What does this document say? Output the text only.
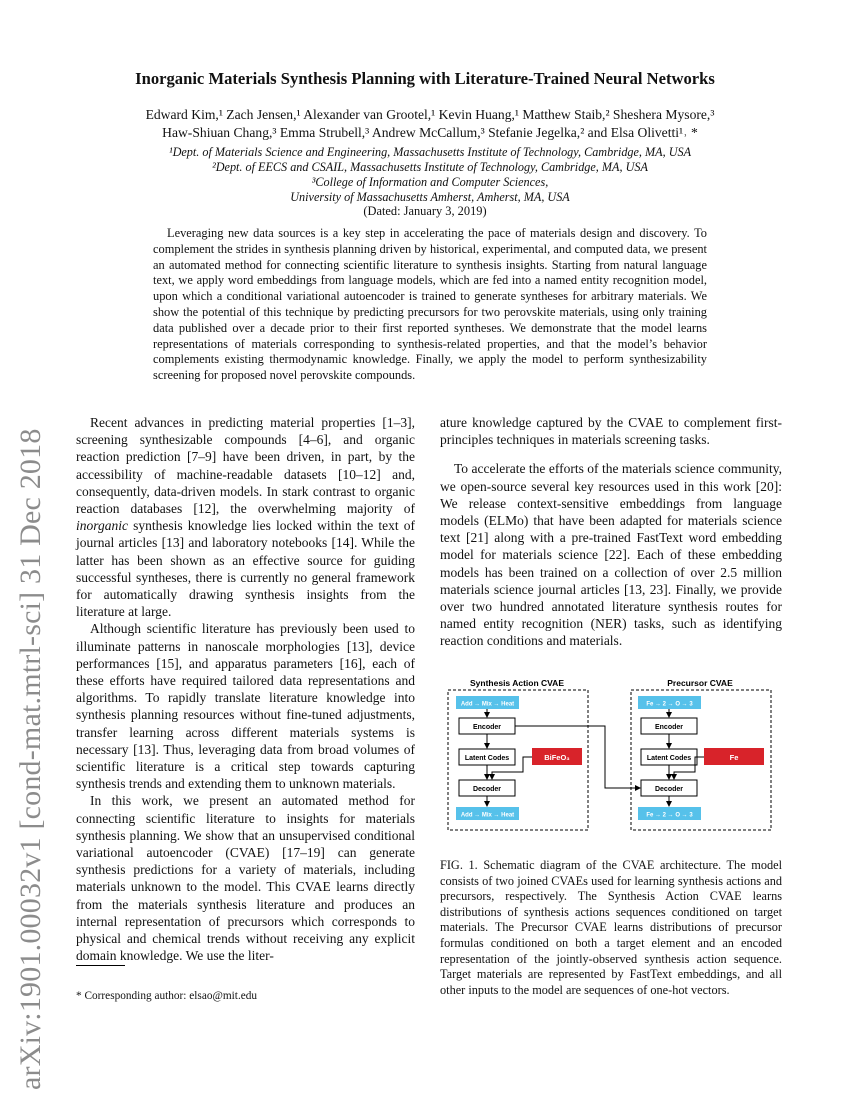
arXiv:1901.00032v1 [cond-mat.mtrl-sci] 31 Dec 2018
Inorganic Materials Synthesis Planning with Literature-Trained Neural Networks
Edward Kim,¹ Zach Jensen,¹ Alexander van Grootel,¹ Kevin Huang,¹ Matthew Staib,² Sheshera Mysore,³
Haw-Shiuan Chang,³ Emma Strubell,³ Andrew McCallum,³ Stefanie Jegelka,² and Elsa Olivetti¹˒ *
¹Dept. of Materials Science and Engineering, Massachusetts Institute of Technology, Cambridge, MA, USA
²Dept. of EECS and CSAIL, Massachusetts Institute of Technology, Cambridge, MA, USA
³College of Information and Computer Sciences,
University of Massachusetts Amherst, Amherst, MA, USA
(Dated: January 3, 2019)
Leveraging new data sources is a key step in accelerating the pace of materials design and discovery. To complement the strides in synthesis planning driven by historical, experimental, and computed data, we present an automated method for connecting scientific literature to synthesis insights. Starting from natural language text, we apply word embeddings from language models, which are fed into a named entity recognition model, upon which a conditional variational autoencoder is trained to generate syntheses for arbitrary materials. We show the potential of this technique by predicting precursors for two perovskite materials, using only training data published over a decade prior to their first reported syntheses. We demonstrate that the model learns representations of materials corresponding to synthesis-related properties, and that the model’s behavior complements existing thermodynamic knowledge. Finally, we apply the model to perform synthesizability screening for proposed novel perovskite compounds.

Recent advances in predicting material properties [1–3], screening synthesizable compounds [4–6], and organic reaction prediction [7–9] have been driven, in part, by the accessibility of machine-readable datasets [10–12] and, consequently, data-driven models. In stark contrast to organic reaction databases [12], the overwhelming majority of inorganic synthesis knowledge lies locked within the text of journal articles [13] and laboratory notebooks [14]. While the latter has been shown as an effective source for guiding successful syntheses, there is currently no general framework for automatically drawing synthesis insights from the literature at large.

Although scientific literature has previously been used to illuminate patterns in nanoscale morphologies [13], device performances [15], and apparatus parameters [16], each of these efforts have required tailored data representations and algorithms. To rapidly translate literature knowledge into synthesis planning resources without fine-tuned adjustments, transfer learning across different materials systems is necessary [13]. Thus, leveraging data from broad volumes of scientific literature is a critical step towards capturing synthesis trends and extending them to unknown materials.

In this work, we present an automated method for connecting scientific literature to insights for materials synthesis planning. We show that an unsupervised conditional variational autoencoder (CVAE) [17–19] can generate synthesis predictions for a variety of materials, including materials unknown to the model. This CVAE learns directly from the materials synthesis literature and produces an internal representation of precursors which corresponds to physical and chemical trends without receiving any explicit domain knowledge. We use the liter-

ature knowledge captured by the CVAE to complement first-principles techniques in materials screening tasks.

To accelerate the efforts of the materials science community, we open-source several key resources used in this work [20]: We release context-sensitive embeddings from language models (ELMo) that have been adapted for materials science text [21] along with a pre-trained FastText word embedding model for materials science [22]. Each of these embedding models has been trained on a collection of over 2.5 million materials science journal articles [13, 23]. Finally, we provide over two hundred annotated literature synthesis routes for named entity recognition (NER) tasks, such as identifying reaction conditions and materials.

Synthesis Action CVAE
Add → Mix → Heat
Encoder
Latent Codes	BiFeO₃
Decoder
Add → Mix → Heat
Precursor CVAE
Fe → 2 → O → 3
Encoder
Latent Codes	Fe
Decoder
Fe → 2 → O → 3
FIG. 1. Schematic diagram of the CVAE architecture. The model consists of two joined CVAEs used for learning synthesis actions and precursors, respectively. The Synthesis Action CVAE learns distributions of synthesis actions sequences conditioned on target materials. The Precursor CVAE learns distributions of precursor formulas conditioned on both a target element and an encoded representation of the jointly-observed synthesis action sequence. Target materials are represented by FastText embeddings, and all other inputs to the model are sequences of one-hot vectors.
* Corresponding author: elsao@mit.edu
